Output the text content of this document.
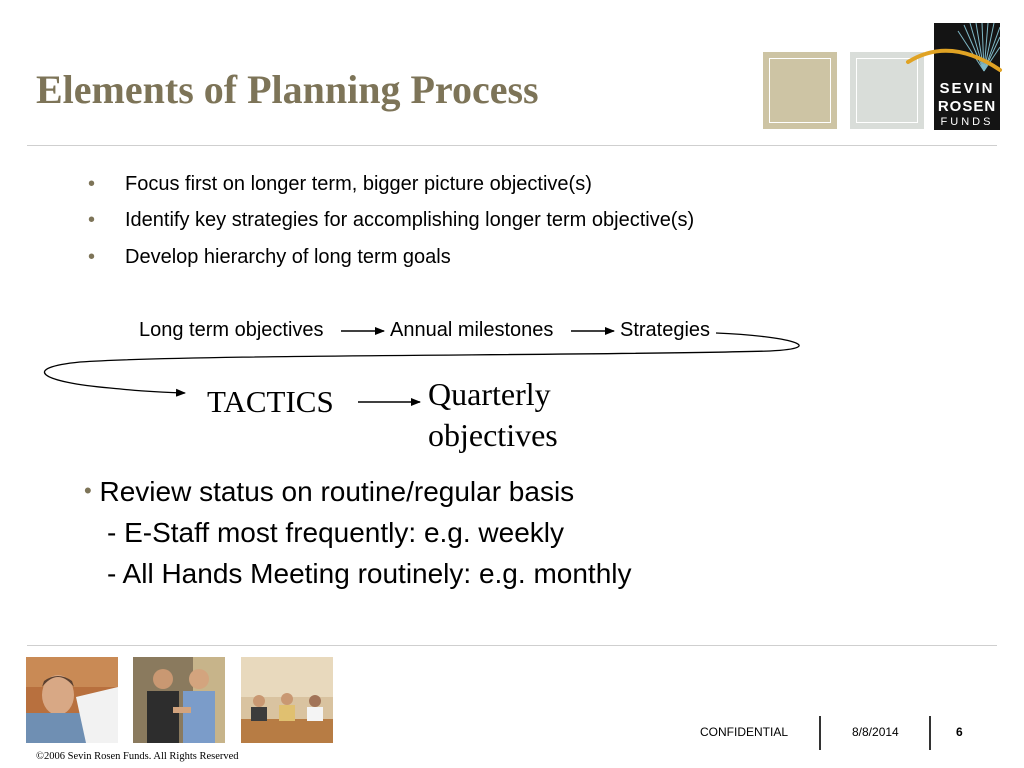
Elements of Planning Process	SEVIN
ROSEN
FUNDS
• Focus first on longer term, bigger picture objective(s)
• Identify key strategies for accomplishing longer term objective(s)
• Develop hierarchy of long term goals
Long term objectives	Annual milestones	Strategies
TACTICS	Quarterly
objectives
• Review status on routine/regular basis
- E-Staff most frequently: e.g. weekly
- All Hands Meeting routinely: e.g. monthly
CONFIDENTIAL	8/8/2014	6
©2006 Sevin Rosen Funds. All Rights Reserved
